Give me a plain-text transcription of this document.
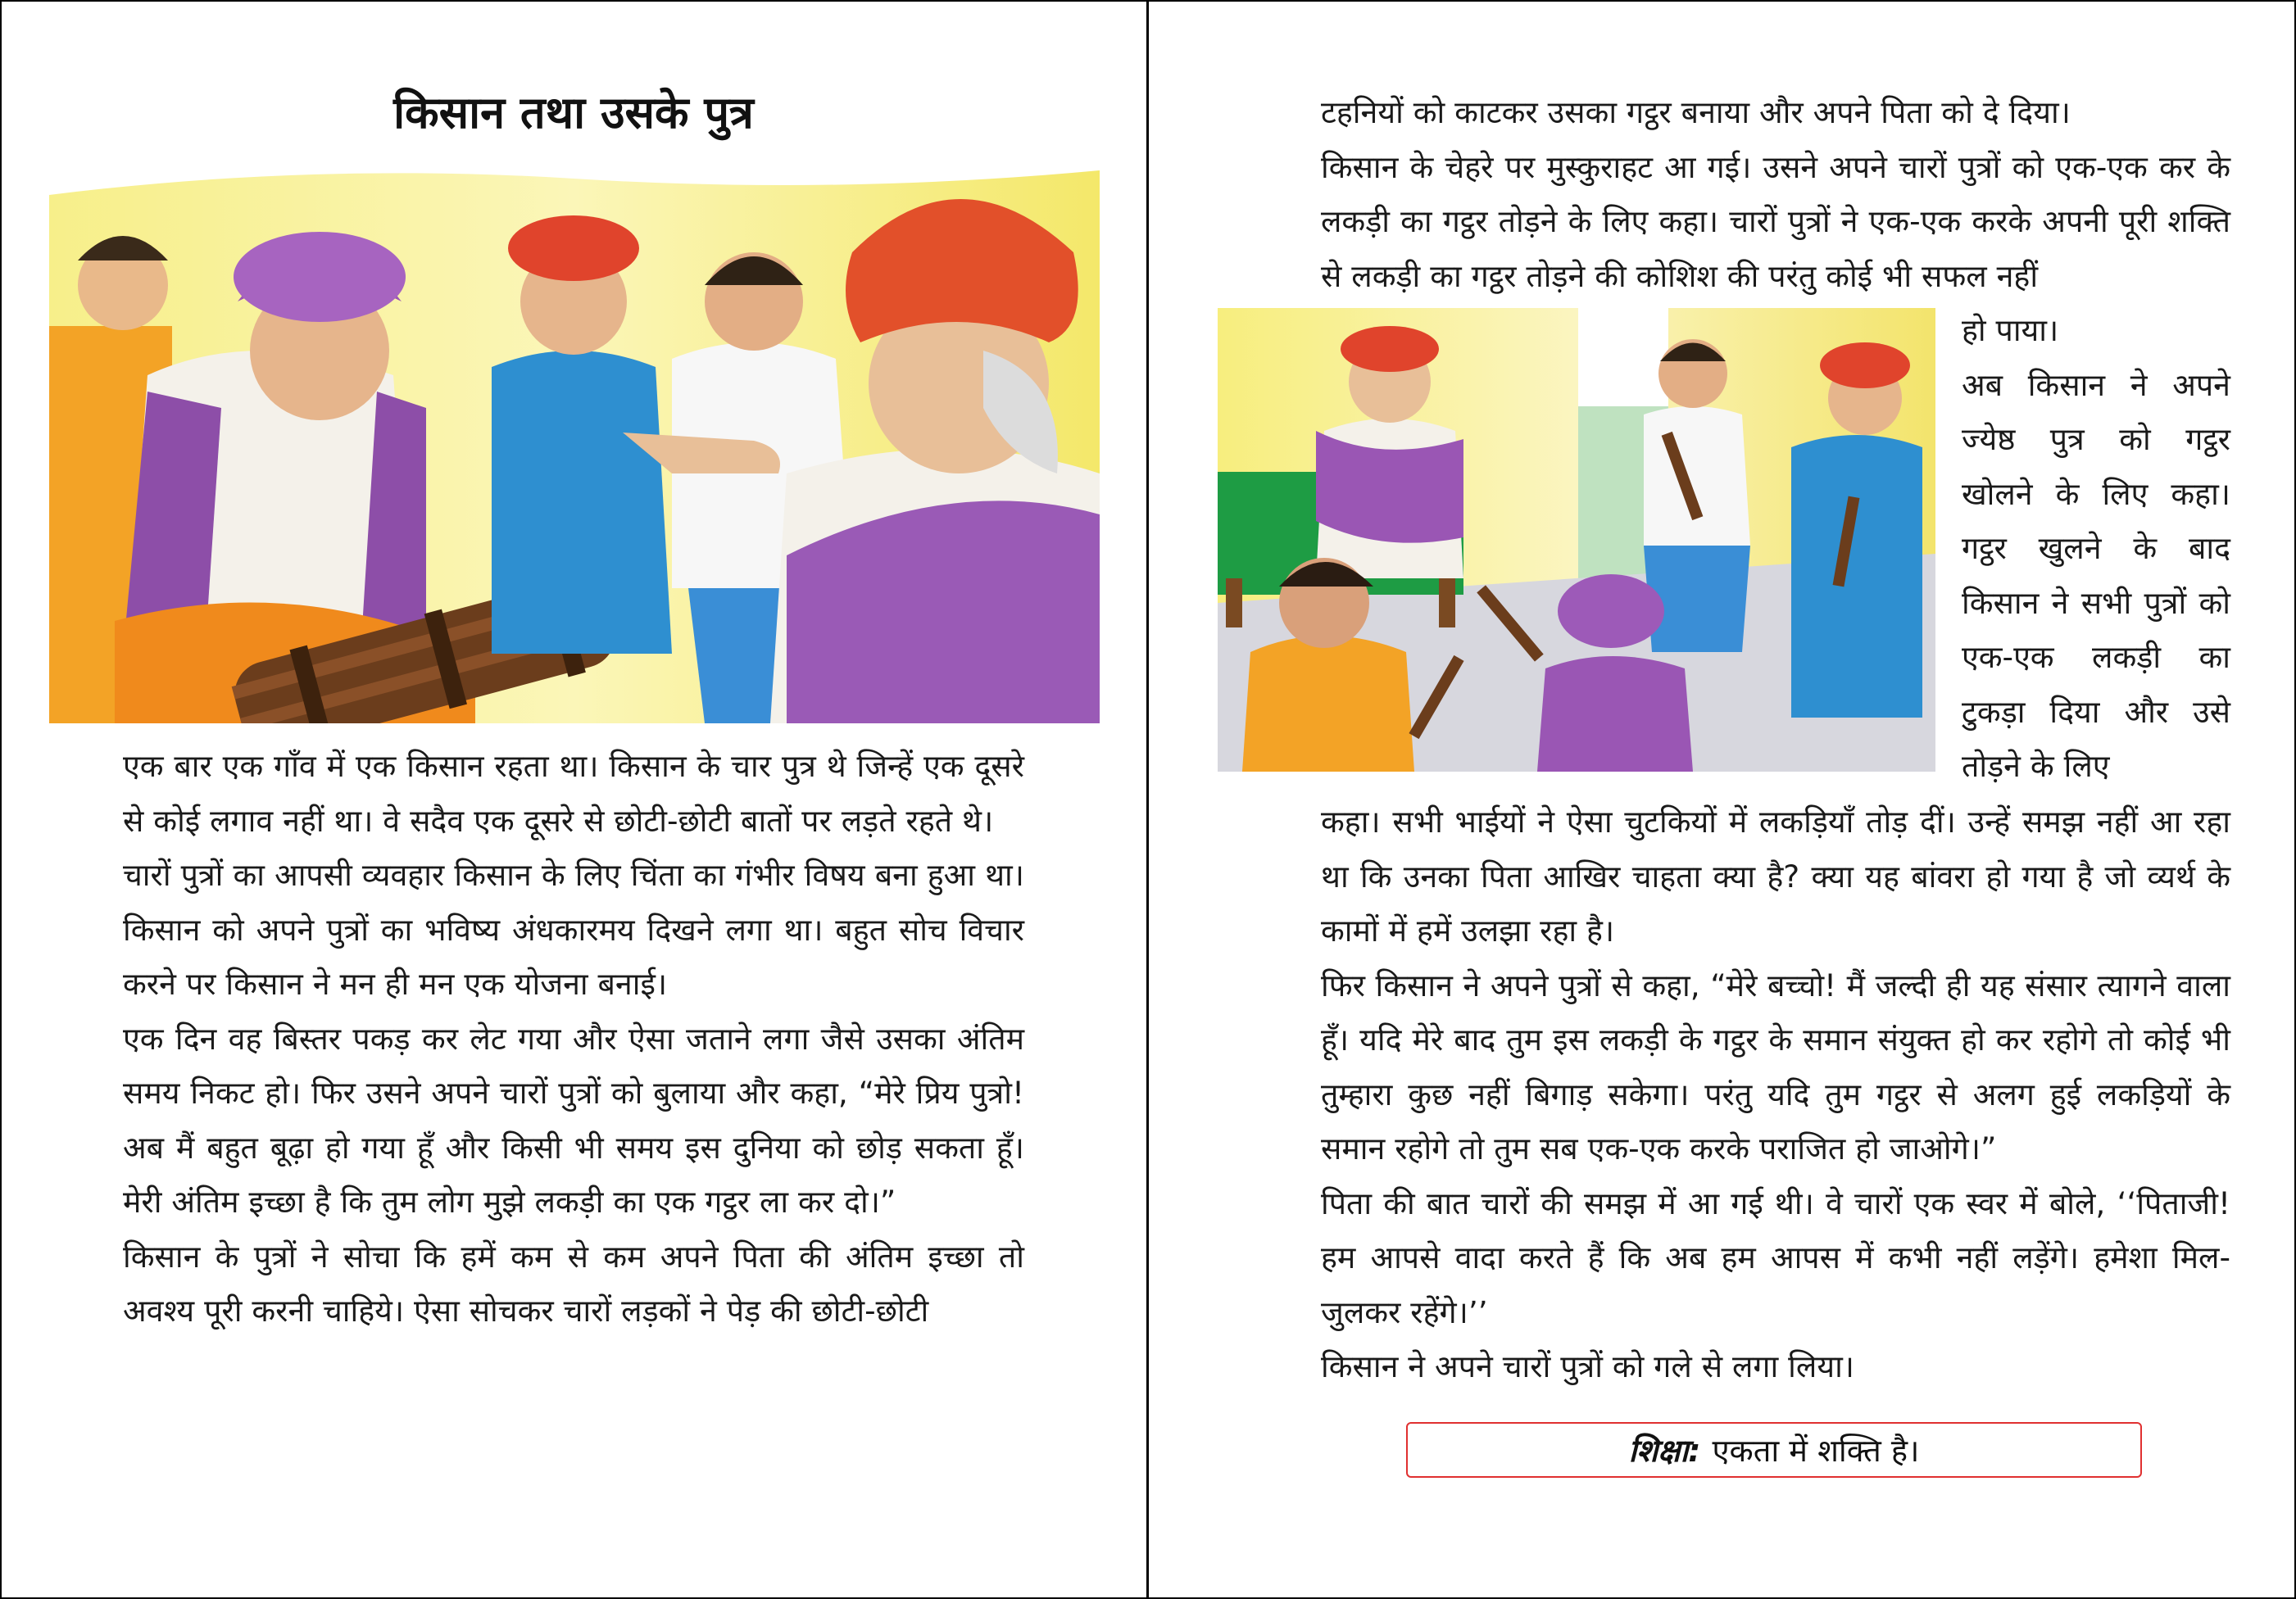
किसान तथा उसके पुत्र

एक बार एक गाँव में एक किसान रहता था। किसान के चार पुत्र थे जिन्हें एक दूसरे से कोई लगाव नहीं था। वे सदैव एक दूसरे से छोटी-छोटी बातों पर लड़ते रहते थे।

चारों पुत्रों का आपसी व्यवहार किसान के लिए चिंता का गंभीर विषय बना हुआ था। किसान को अपने पुत्रों का भविष्य अंधकारमय दिखने लगा था। बहुत सोच विचार करने पर किसान ने मन ही मन एक योजना बनाई।

एक दिन वह बिस्तर पकड़ कर लेट गया और ऐसा जताने लगा जैसे उसका अंतिम समय निकट हो। फिर उसने अपने चारों पुत्रों को बुलाया और कहा, “मेरे प्रिय पुत्रो! अब मैं बहुत बूढ़ा हो गया हूँ और किसी भी समय इस दुनिया को छोड़ सकता हूँ। मेरी अंतिम इच्छा है कि तुम लोग मुझे लकड़ी का एक गट्ठर ला कर दो।”

किसान के पुत्रों ने सोचा कि हमें कम से कम अपने पिता की अंतिम इच्छा तो अवश्य पूरी करनी चाहिये। ऐसा सोचकर चारों लड़कों ने पेड़ की छोटी-छोटी

टहनियों को काटकर उसका गट्ठर बनाया और अपने पिता को दे दिया।

किसान के चेहरे पर मुस्कुराहट आ गई। उसने अपने चारों पुत्रों को एक-एक कर के लकड़ी का गट्ठर तोड़ने के लिए कहा। चारों पुत्रों ने एक-एक करके अपनी पूरी शक्ति से लकड़ी का गट्ठर तोड़ने की कोशिश की परंतु कोई भी सफल नहीं

हो पाया।

अब किसान ने अपने ज्येष्ठ पुत्र को गट्ठर खोलने के लिए कहा। गट्ठर खुलने के बाद किसान ने सभी पुत्रों को एक-एक लकड़ी का टुकड़ा दिया और उसे तोड़ने के लिए

कहा। सभी भाईयों ने ऐसा चुटकियों में लकड़ियाँ तोड़ दीं। उन्हें समझ नहीं आ रहा था कि उनका पिता आखिर चाहता क्या है? क्या यह बांवरा हो गया है जो व्यर्थ के कामों में हमें उलझा रहा है।

फिर किसान ने अपने पुत्रों से कहा, “मेरे बच्चो! मैं जल्दी ही यह संसार त्यागने वाला हूँ। यदि मेरे बाद तुम इस लकड़ी के गट्ठर के समान संयुक्त हो कर रहोगे तो कोई भी तुम्हारा कुछ नहीं बिगाड़ सकेगा। परंतु यदि तुम गट्ठर से अलग हुई लकड़ियों के समान रहोगे तो तुम सब एक-एक करके पराजित हो जाओगे।”

पिता की बात चारों की समझ में आ गई थी। वे चारों एक स्वर में बोले, ‘‘पिताजी! हम आपसे वादा करते हैं कि अब हम आपस में कभी नहीं लड़ेंगे। हमेशा मिल-जुलकर रहेंगे।’’

किसान ने अपने चारों पुत्रों को गले से लगा लिया।

शिक्षा: एकता में शक्ति है।
